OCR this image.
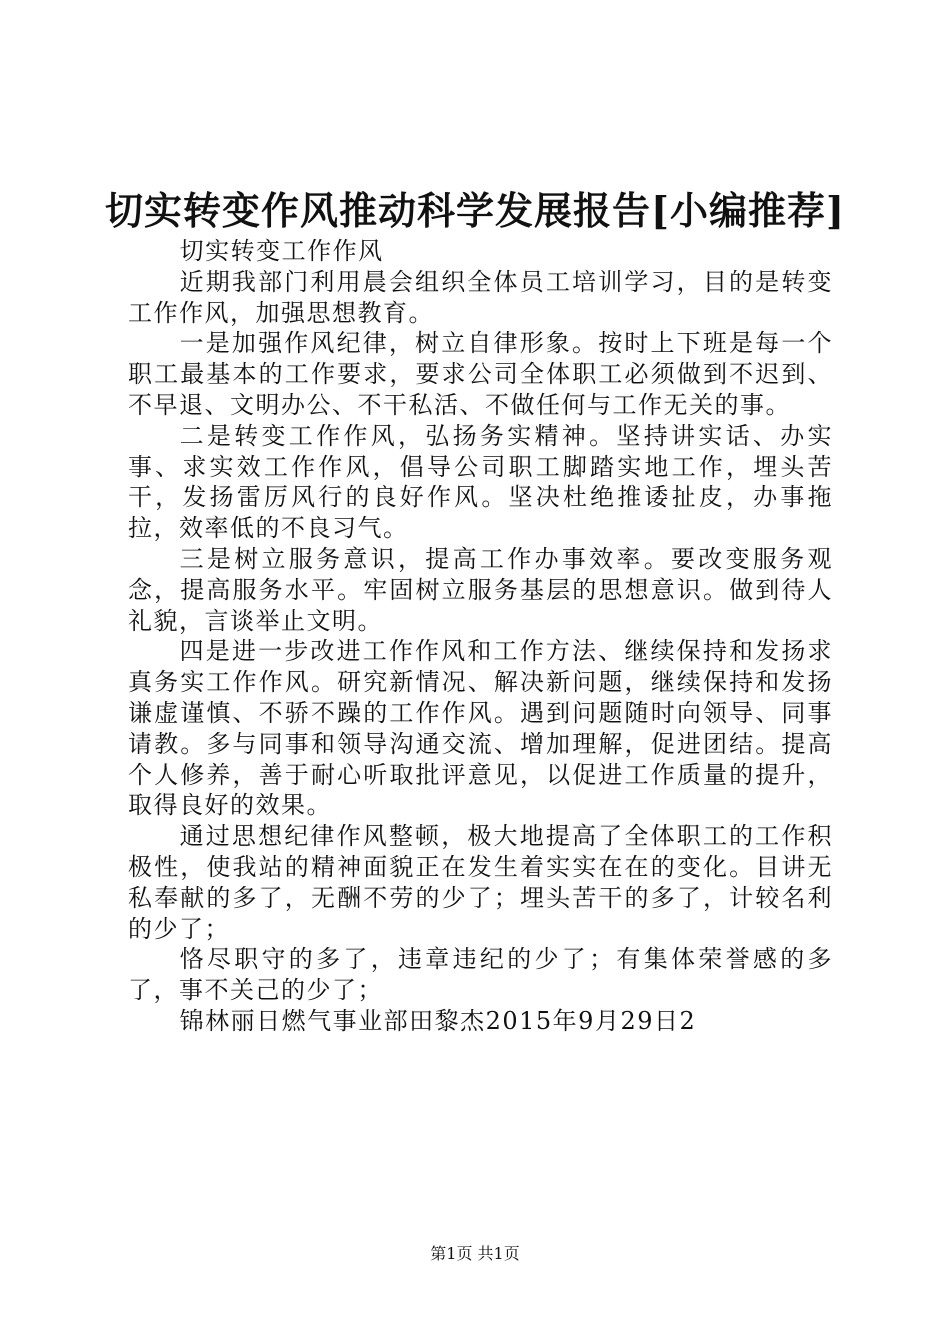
切实转变作风推动科学发展报告[小编推荐]

切实转变工作作风

近期我部门利用晨会组织全体员工培训学习，目的是转变工作作风，加强思想教育。

一是加强作风纪律，树立自律形象。按时上下班是每一个职工最基本的工作要求，要求公司全体职工必须做到不迟到、不早退、文明办公、不干私活、不做任何与工作无关的事。

二是转变工作作风，弘扬务实精神。坚持讲实话、办实事、求实效工作作风，倡导公司职工脚踏实地工作，埋头苦干，发扬雷厉风行的良好作风。坚决杜绝推诿扯皮，办事拖拉，效率低的不良习气。

三是树立服务意识，提高工作办事效率。要改变服务观念，提高服务水平。牢固树立服务基层的思想意识。做到待人礼貌，言谈举止文明。

四是进一步改进工作作风和工作方法、继续保持和发扬求真务实工作作风。研究新情况、解决新问题，继续保持和发扬谦虚谨慎、不骄不躁的工作作风。遇到问题随时向领导、同事请教。多与同事和领导沟通交流、增加理解，促进团结。提高个人修养，善于耐心听取批评意见，以促进工作质量的提升，取得良好的效果。

通过思想纪律作风整顿，极大地提高了全体职工的工作积极性，使我站的精神面貌正在发生着实实在在的变化。目讲无私奉献的多了，无酬不劳的少了；埋头苦干的多了，计较名利的少了；

恪尽职守的多了，违章违纪的少了；有集体荣誉感的多了，事不关己的少了；

锦林丽日燃气事业部田黎杰2015年9月29日2

第1页 共1页
